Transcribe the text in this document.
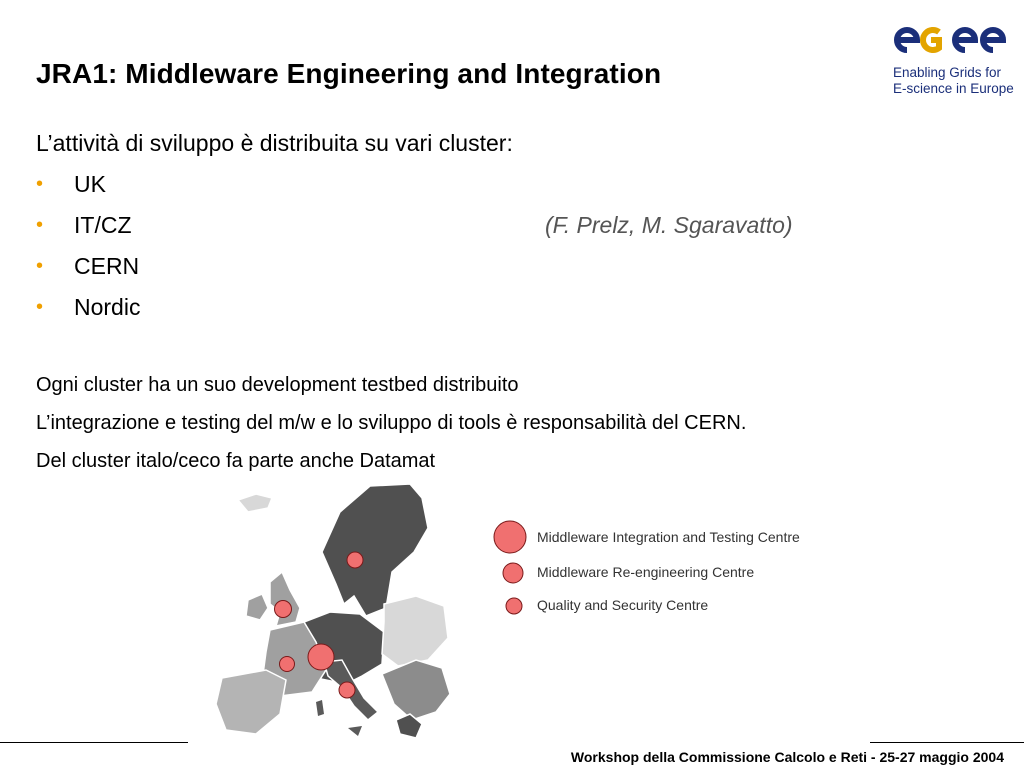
JRA1: Middleware Engineering and Integration	Enabling Grids for
E-science in Europe
L’attività di sviluppo è distribuita su vari cluster:
• UK
• IT/CZ
• CERN
• Nordic
(F. Prelz, M. Sgaravatto)
Ogni cluster ha un suo development testbed distribuito
L’integrazione e testing del m/w e lo sviluppo di tools è responsabilità del CERN.
Del cluster italo/ceco fa parte anche Datamat
Middleware Integration and Testing Centre
Middleware Re-engineering Centre
Quality and Security Centre
Workshop della Commissione Calcolo e Reti - 25-27 maggio 2004
